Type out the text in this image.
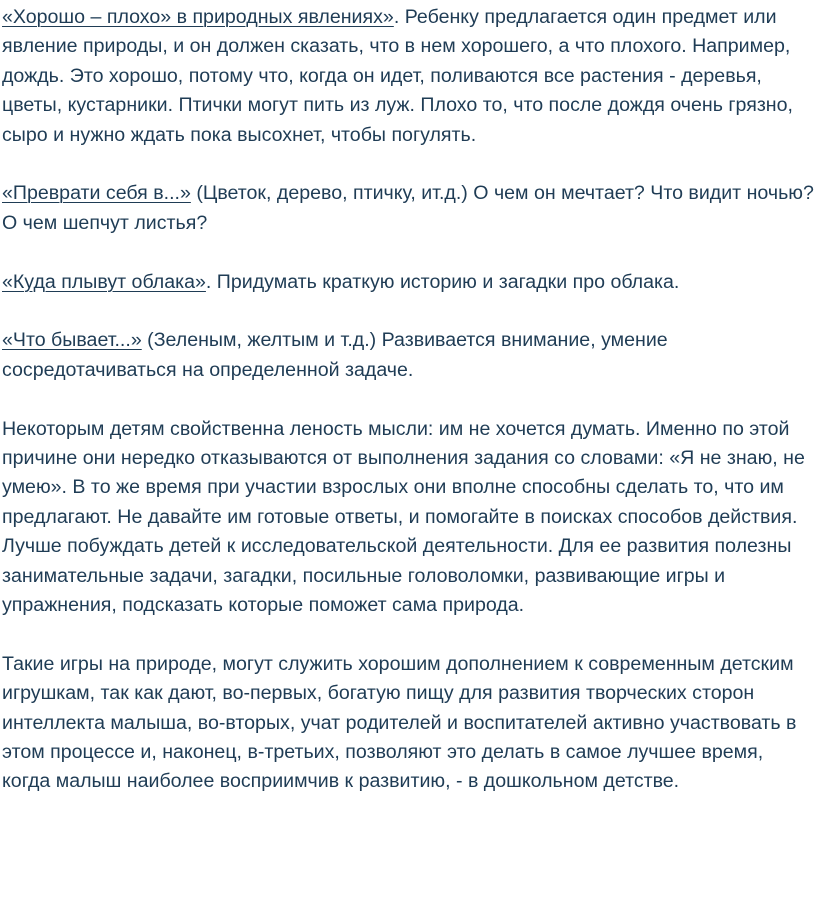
«Хорошо – плохо» в природных явлениях». Ребенку предлагается один предмет или явление природы, и он должен сказать, что в нем хорошего, а что плохого. Например, дождь. Это хорошо, потому что, когда он идет, поливаются все растения - деревья, цветы, кустарники. Птички могут пить из луж. Плохо то, что после дождя очень грязно, сыро и нужно ждать пока высохнет, чтобы погулять.

«Преврати себя в...» (Цветок, дерево, птичку, ит.д.) О чем он мечтает? Что видит ночью? О чем шепчут листья?

«Куда плывут облака». Придумать краткую историю и загадки про облака.

«Что бывает...» (Зеленым, желтым и т.д.) Развивается внимание, умение сосредотачиваться на определенной задаче.

Некоторым детям свойственна леность мысли: им не хочется думать. Именно по этой причине они нередко отказываются от выполнения задания со словами: «Я не знаю, не умею». В то же время при участии взрослых они вполне способны сделать то, что им предлагают. Не давайте им готовые ответы, и помогайте в поисках способов действия. Лучше побуждать детей к исследовательской деятельности. Для ее развития полезны занимательные задачи, загадки, посильные головоломки, развивающие игры и упражнения, подсказать которые поможет сама природа.

Такие игры на природе, могут служить хорошим дополнением к современным детским игрушкам, так как дают, во-первых, богатую пищу для развития творческих сторон интеллекта малыша, во-вторых, учат родителей и воспитателей активно участвовать в этом процессе и, наконец, в-третьих, позволяют это делать в самое лучшее время, когда малыш наиболее восприимчив к развитию, - в дошкольном детстве.
